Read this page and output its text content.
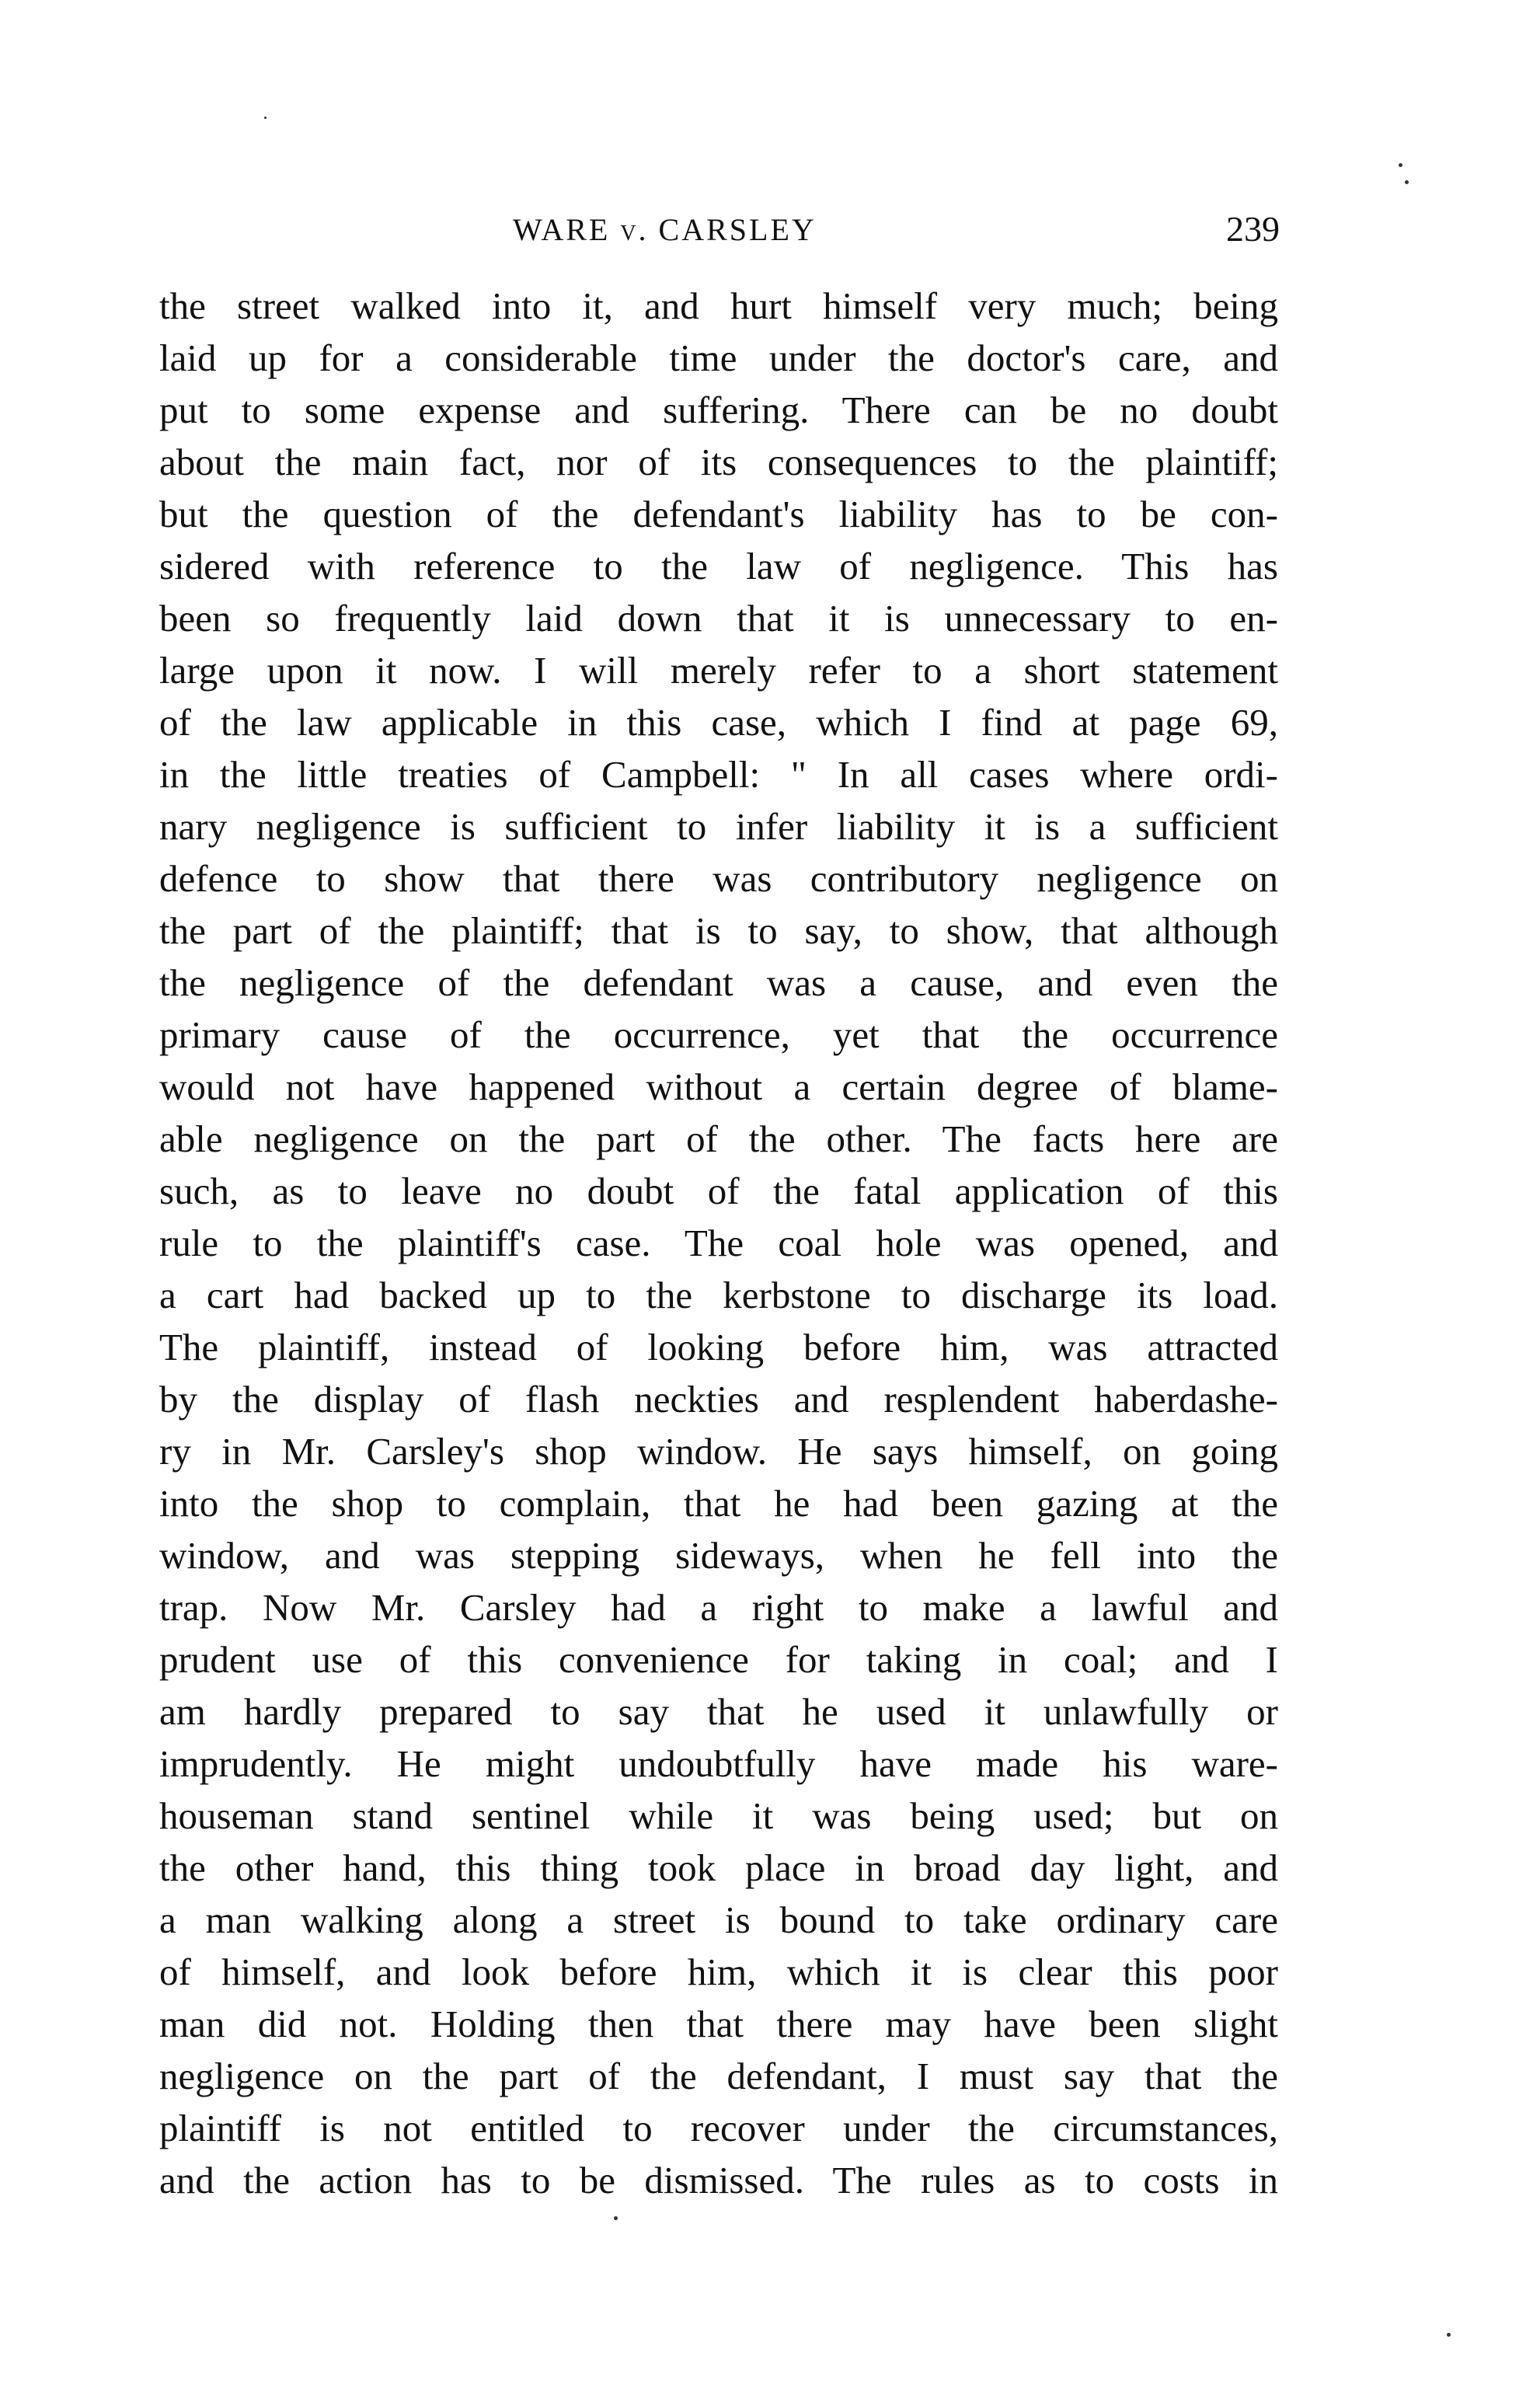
WARE v. CARSLEY	239
the street walked into it, and hurt himself very much; being
laid up for a considerable time under the doctor's care, and
put to some expense and suffering. There can be no doubt
about the main fact, nor of its consequences to the plaintiff;
but the question of the defendant's liability has to be con-
sidered with reference to the law of negligence. This has
been so frequently laid down that it is unnecessary to en-
large upon it now. I will merely refer to a short statement
of the law applicable in this case, which I find at page 69,
in the little treaties of Campbell: " In all cases where ordi-
nary negligence is sufficient to infer liability it is a sufficient
defence to show that there was contributory negligence on
the part of the plaintiff; that is to say, to show, that although
the negligence of the defendant was a cause, and even the
primary cause of the occurrence, yet that the occurrence
would not have happened without a certain degree of blame-
able negligence on the part of the other. The facts here are
such, as to leave no doubt of the fatal application of this
rule to the plaintiff's case. The coal hole was opened, and
a cart had backed up to the kerbstone to discharge its load.
The plaintiff, instead of looking before him, was attracted
by the display of flash neckties and resplendent haberdashe-
ry in Mr. Carsley's shop window. He says himself, on going
into the shop to complain, that he had been gazing at the
window, and was stepping sideways, when he fell into the
trap. Now Mr. Carsley had a right to make a lawful and
prudent use of this convenience for taking in coal; and I
am hardly prepared to say that he used it unlawfully or
imprudently. He might undoubtfully have made his ware-
houseman stand sentinel while it was being used; but on
the other hand, this thing took place in broad day light, and
a man walking along a street is bound to take ordinary care
of himself, and look before him, which it is clear this poor
man did not. Holding then that there may have been slight
negligence on the part of the defendant, I must say that the
plaintiff is not entitled to recover under the circumstances,
and the action has to be dismissed. The rules as to costs in
